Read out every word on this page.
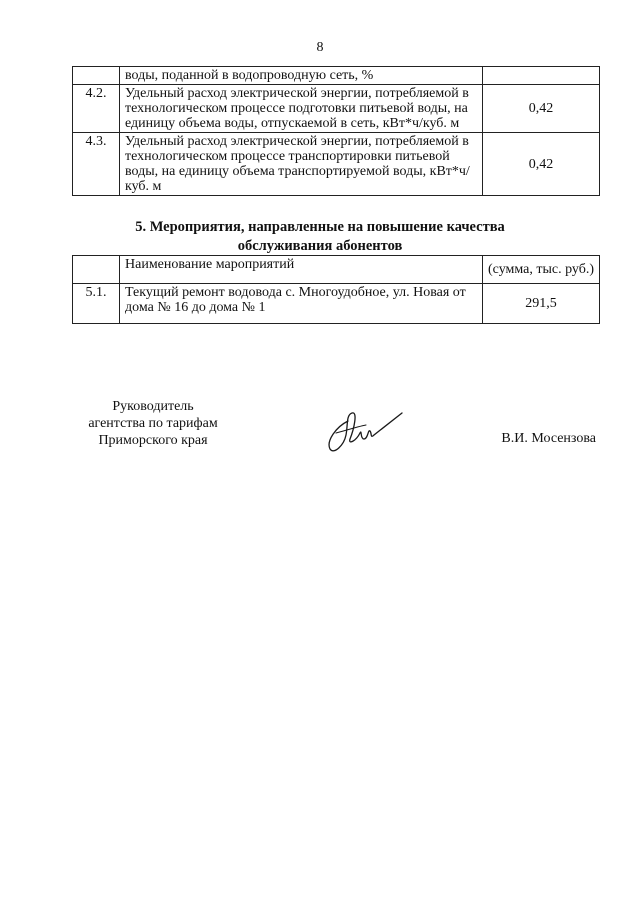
8
	воды, поданной в водопроводную сеть, %	
4.2.	Удельный расход электрической энергии, потребляемой в технологическом процессе подготовки питьевой воды, на единицу объема воды, отпускаемой в сеть, кВт*ч/куб. м	0,42
4.3.	Удельный расход электрической энергии, потребляемой в технологическом процессе транспортировки питьевой воды, на единицу объема транспортируемой воды, кВт*ч/куб. м	0,42
5. Мероприятия, направленные на повышение качества
обслуживания абонентов
	Наименование мароприятий	(сумма, тыс. руб.)
5.1.	Текущий ремонт водовода с. Многоудобное, ул. Новая от дома № 16 до дома № 1	291,5
Руководитель
агентства по тарифам
Приморского края	В.И. Мосензова
